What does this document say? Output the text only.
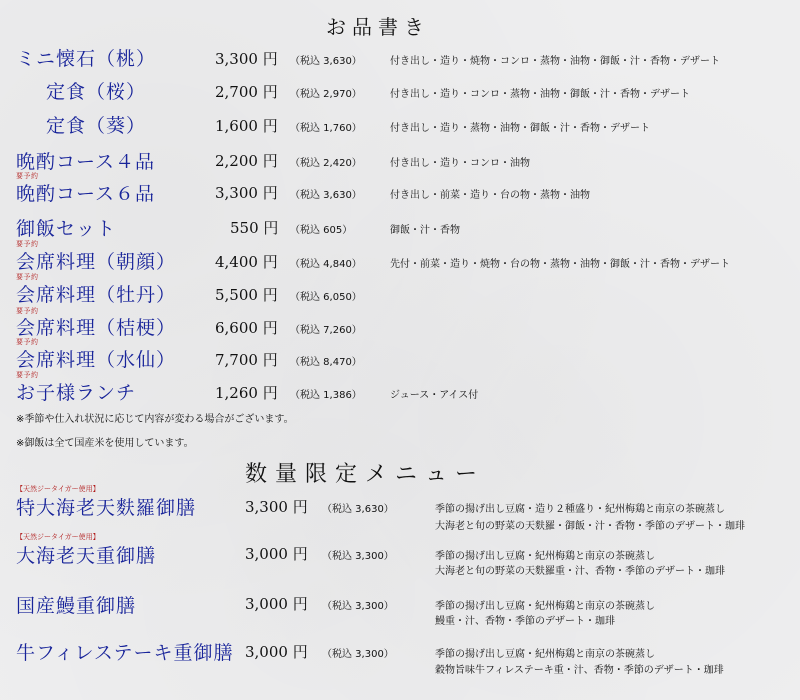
お品書き
ミニ懐石（桃）	3,300 円 （税込 3,630）	付き出し・造り・焼物・コンロ・蒸物・油物・御飯・汁・香物・デザート
定食（桜）	2,700 円 （税込 2,970）	付き出し・造り・コンロ・蒸物・油物・御飯・汁・香物・デザート
定食（葵）	1,600 円 （税込 1,760）	付き出し・造り・蒸物・油物・御飯・汁・香物・デザート
晩酌コース４品	2,200 円 （税込 2,420）	付き出し・造り・コンロ・油物
要予約
晩酌コース６品	3,300 円 （税込 3,630）	付き出し・前菜・造り・台の物・蒸物・油物
御飯セット	550 円 （税込 605）	御飯・汁・香物
要予約
会席料理（朝顔）	4,400 円 （税込 4,840）	先付・前菜・造り・焼物・台の物・蒸物・油物・御飯・汁・香物・デザート
要予約
会席料理（牡丹）	5,500 円 （税込 6,050）
要予約
会席料理（桔梗）	6,600 円 （税込 7,260）
要予約
会席料理（水仙）	7,700 円 （税込 8,470）
要予約
お子様ランチ	1,260 円 （税込 1,386）	ジュース・アイス付
※季節や仕入れ状況に応じて内容が変わる場合がございます。
※御飯は全て国産米を使用しています。
数量限定メニュー
【天然ジータイガー使用】
特大海老天麩羅御膳	3,300 円 （税込 3,630）	季節の揚げ出し豆腐・造り２種盛り・紀州梅鶏と南京の茶碗蒸し
大海老と旬の野菜の天麩羅・御飯・汁・香物・季節のデザート・珈琲
【天然ジータイガー使用】
大海老天重御膳	3,000 円 （税込 3,300）	季節の揚げ出し豆腐・紀州梅鶏と南京の茶碗蒸し
大海老と旬の野菜の天麩羅重・汁、香物・季節のデザート・珈琲
国産鰻重御膳	3,000 円 （税込 3,300）	季節の揚げ出し豆腐・紀州梅鶏と南京の茶碗蒸し
鰻重・汁、香物・季節のデザート・珈琲
牛フィレステーキ重御膳 3,000 円 （税込 3,300）	季節の揚げ出し豆腐・紀州梅鶏と南京の茶碗蒸し
穀物旨味牛フィレステーキ重・汁、香物・季節のデザート・珈琲
